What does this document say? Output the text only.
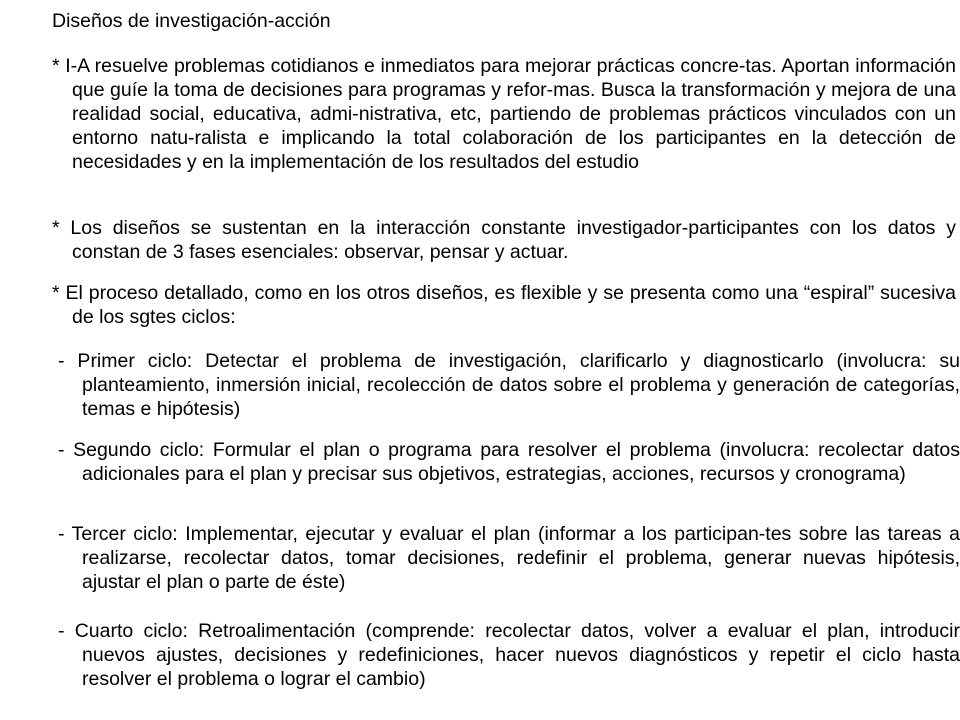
Diseños de investigación-acción

* I-A resuelve problemas cotidianos e inmediatos para mejorar prácticas concre-tas. Aportan información que guíe la toma de decisiones para programas y refor-mas. Busca la transformación y mejora de una realidad social, educativa, admi-nistrativa, etc, partiendo de problemas prácticos vinculados con un entorno natu-ralista e implicando la total colaboración de los participantes en la detección de necesidades y en la implementación de los resultados del estudio

* Los diseños se sustentan en la interacción constante investigador-participantes con los datos y constan de 3 fases esenciales: observar, pensar y actuar.

* El proceso detallado, como en los otros diseños, es flexible y se presenta como una “espiral” sucesiva de los sgtes ciclos:

- Primer ciclo: Detectar el problema de investigación, clarificarlo y diagnosticarlo (involucra: su planteamiento, inmersión inicial, recolección de datos sobre el problema y generación de categorías, temas e hipótesis)

- Segundo ciclo: Formular el plan o programa para resolver el problema (involucra: recolectar datos adicionales para el plan y precisar sus objetivos, estrategias, acciones, recursos y cronograma)

- Tercer ciclo: Implementar, ejecutar y evaluar el plan (informar a los participan-tes sobre las tareas a realizarse, recolectar datos, tomar decisiones, redefinir el problema, generar nuevas hipótesis, ajustar el plan o parte de éste)

- Cuarto ciclo: Retroalimentación (comprende: recolectar datos, volver a evaluar el plan, introducir nuevos ajustes, decisiones y redefiniciones, hacer nuevos diagnósticos y repetir el ciclo hasta resolver el problema o lograr el cambio)
